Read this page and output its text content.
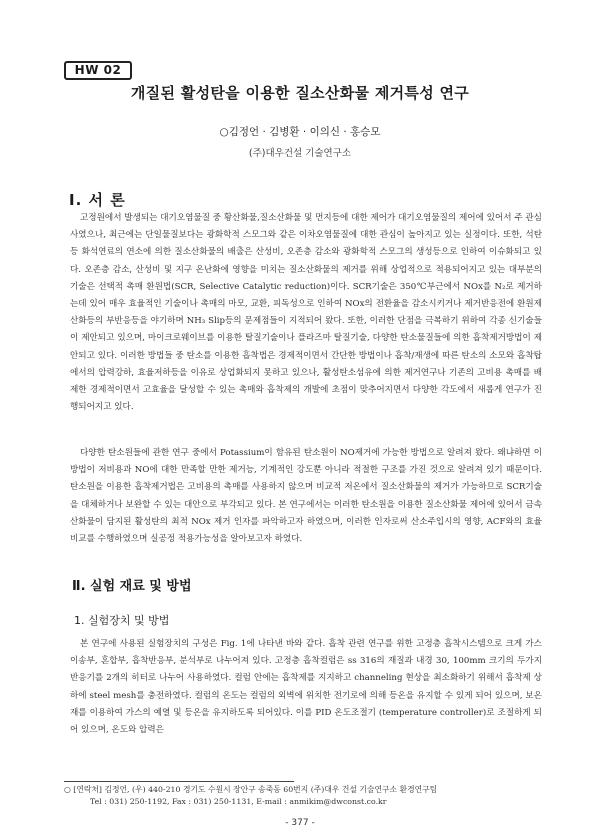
HW 02
개질된 활성탄을 이용한 질소산화물 제거특성 연구
○김정언 · 김병환 · 이의신 · 홍승모
(주)대우건설 기술연구소
Ⅰ. 서 론

고정원에서 발생되는 대기오염물질 중 황산화물,질소산화물 및 먼지등에 대한 제어가 대기오염물질의 제어에 있어서 주 관심사였으나, 최근에는 단일물질보다는 광화학적 스모그와 같은 이차오염물질에 대한 관심이 높아지고 있는 실정이다. 또한, 석탄등 화석연료의 연소에 의한 질소산화물의 배출은 산성비, 오존층 감소와 광화학적 스모그의 생성등으로 인하여 이슈화되고 있다. 오존층 감소, 산성비 및 지구 온난화에 영향을 미치는 질소산화물의 제거를 위해 상업적으로 적용되어지고 있는 대부분의 기술은 선택적 촉매 환원법(SCR, Selective Catalytic reduction)이다. SCR기술은 350℃부근에서 NOx를 N₂로 제거하는데 있어 매우 효율적인 기술이나 촉매의 마모, 교환, 피독성으로 인하여 NOx의 전환율을 감소시키거나 제거반응전에 환원제 산화등의 부반응등을 야기하며 NH₃ Slip등의 문제점들이 지적되어 왔다. 또한, 이러한 단점을 극복하기 위하여 각종 신기술들이 제안되고 있으며, 마이크로웨이브를 이용한 탈질기술이나 플라즈마 탈질기술, 다양한 탄소물질들에 의한 흡착제거방법이 제안되고 있다. 이러한 방법들 중 탄소를 이용한 흡착법은 경제적이면서 간단한 방법이나 흡착/재생에 따른 탄소의 소모와 흡착탑에서의 압력강하, 효율저하등을 이유로 상업화되지 못하고 있으나, 활성탄소섬유에 의한 제거연구나 기존의 고비용 촉매를 배제한 경제적이면서 고효율을 달성할 수 있는 촉매와 흡착제의 개발에 초점이 맞추어지면서 다양한 각도에서 새롭게 연구가 진행되어지고 있다.

다양한 탄소원들에 관한 연구 중에서 Potassium이 함유된 탄소원이 NO제거에 가능한 방법으로 알려져 왔다. 왜냐하면 이 방법이 저비용과 NO에 대한 만족할 만한 제거능, 기계적인 강도뿐 아니라 적절한 구조를 가진 것으로 알려져 있기 때문이다. 탄소원을 이용한 흡착제거법은 고비용의 촉매를 사용하지 않으며 비교적 저온에서 질소산화물의 제거가 가능하므로 SCR기술을 대체하거나 보완할 수 있는 대안으로 부각되고 있다. 본 연구에서는 이러한 탄소원을 이용한 질소산화물 제어에 있어서 금속산화물이 담지된 활성탄의 최적 NOx 제거 인자를 파악하고자 하였으며, 이러한 인자로써 산소주입시의 영향, ACF와의 효율비교를 수행하였으며 실공정 적용가능성을 알아보고자 하였다.

Ⅱ. 실험 재료 및 방법
1. 실험장치 및 방법

본 연구에 사용된 실험장치의 구성은 Fig. 1에 나타낸 바와 같다. 흡착 관련 연구를 위한 고정층 흡착시스템으로 크게 가스 이송부, 혼합부, 흡착반응부, 분석부로 나누어져 있다. 고정층 흡착컬럼은 ss 316의 재질과 내경 30, 100mm 크기의 두가지 반응기를 2개의 히터로 나누어 사용하였다. 컬럼 안에는 흡착제를 지지하고 channeling 현상을 최소화하기 위해서 흡착제 상하에 steel mesh를 충전하였다. 컬럼의 온도는 컬럼의 외벽에 위치한 전기로에 의해 등온을 유지할 수 있게 되어 있으며, 보온재를 이용하여 가스의 예열 및 등온을 유지하도록 되어있다. 이를 PID 온도조절기 (temperature controller)로 조절하게 되어 있으며, 온도와 압력은

○ [연락처] 김정언, (우) 440-210 경기도 수원시 장안구 송죽동 60번지 (주)대우 건설 기술연구소 환경연구팀
Tel : 031) 250-1192, Fax : 031) 250-1131, E-mail : anmikim@dwconst.co.kr
- 377 -
